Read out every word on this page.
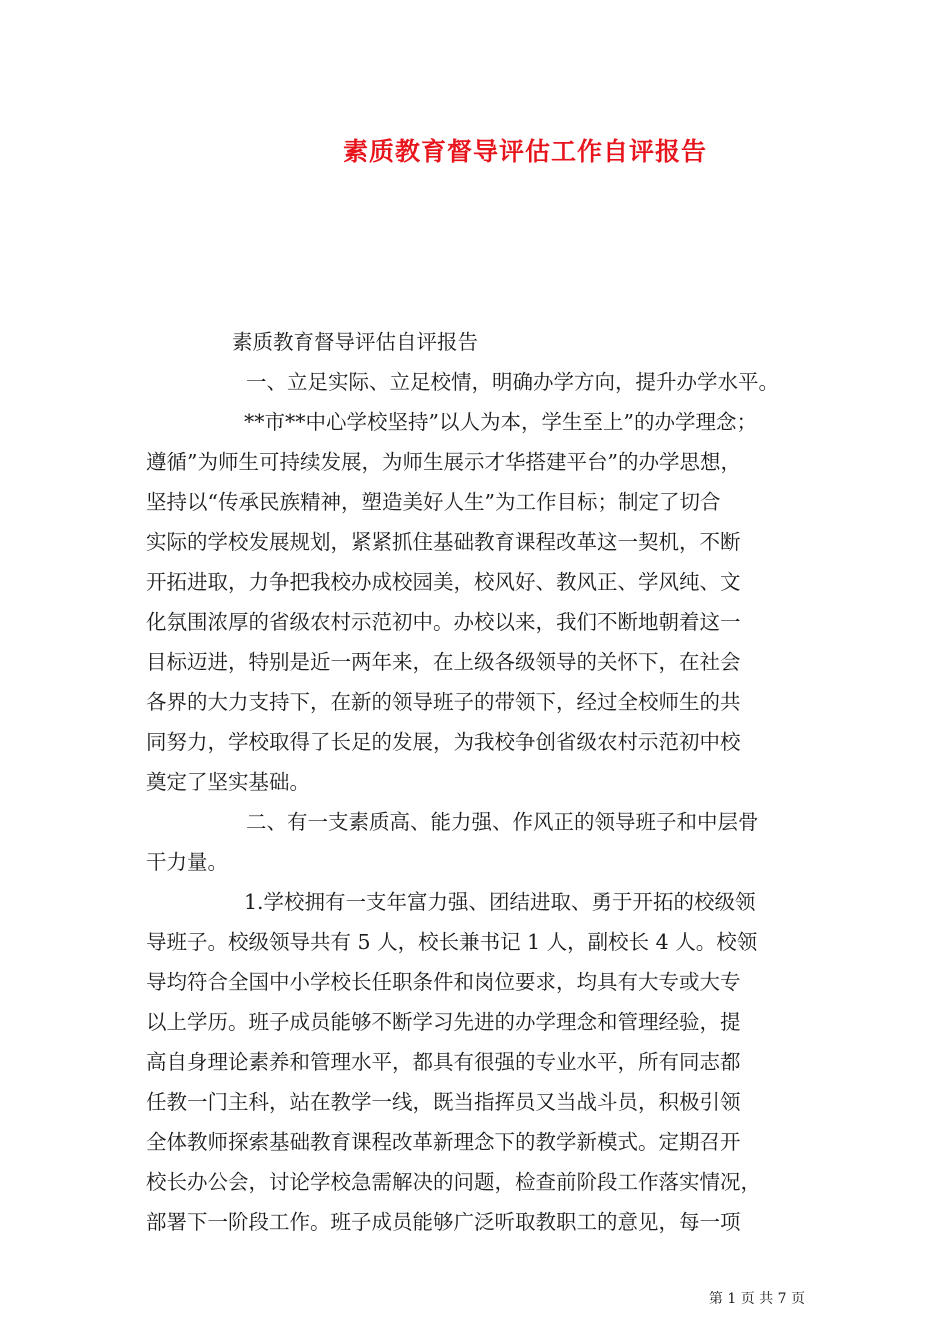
素质教育督导评估工作自评报告
素质教育督导评估自评报告
一、立足实际、立足校情，明确办学方向，提升办学水平。
**市**中心学校坚持”以人为本，学生至上”的办学理念；
遵循”为师生可持续发展，为师生展示才华搭建平台”的办学思想，
坚持以“传承民族精神，塑造美好人生”为工作目标；制定了切合
实际的学校发展规划，紧紧抓住基础教育课程改革这一契机，不断
开拓进取，力争把我校办成校园美，校风好、教风正、学风纯、文
化氛围浓厚的省级农村示范初中。办校以来，我们不断地朝着这一
目标迈进，特别是近一两年来，在上级各级领导的关怀下，在社会
各界的大力支持下，在新的领导班子的带领下，经过全校师生的共
同努力，学校取得了长足的发展，为我校争创省级农村示范初中校
奠定了坚实基础。
二、有一支素质高、能力强、作风正的领导班子和中层骨
干力量。
1.学校拥有一支年富力强、团结进取、勇于开拓的校级领
导班子。校级领导共有 5 人，校长兼书记 1 人，副校长 4 人。校领
导均符合全国中小学校长任职条件和岗位要求，均具有大专或大专
以上学历。班子成员能够不断学习先进的办学理念和管理经验，提
高自身理论素养和管理水平，都具有很强的专业水平，所有同志都
任教一门主科，站在教学一线，既当指挥员又当战斗员，积极引领
全体教师探索基础教育课程改革新理念下的教学新模式。定期召开
校长办公会，讨论学校急需解决的问题，检查前阶段工作落实情况，
部署下一阶段工作。班子成员能够广泛听取教职工的意见，每一项
第 1 页 共 7 页
